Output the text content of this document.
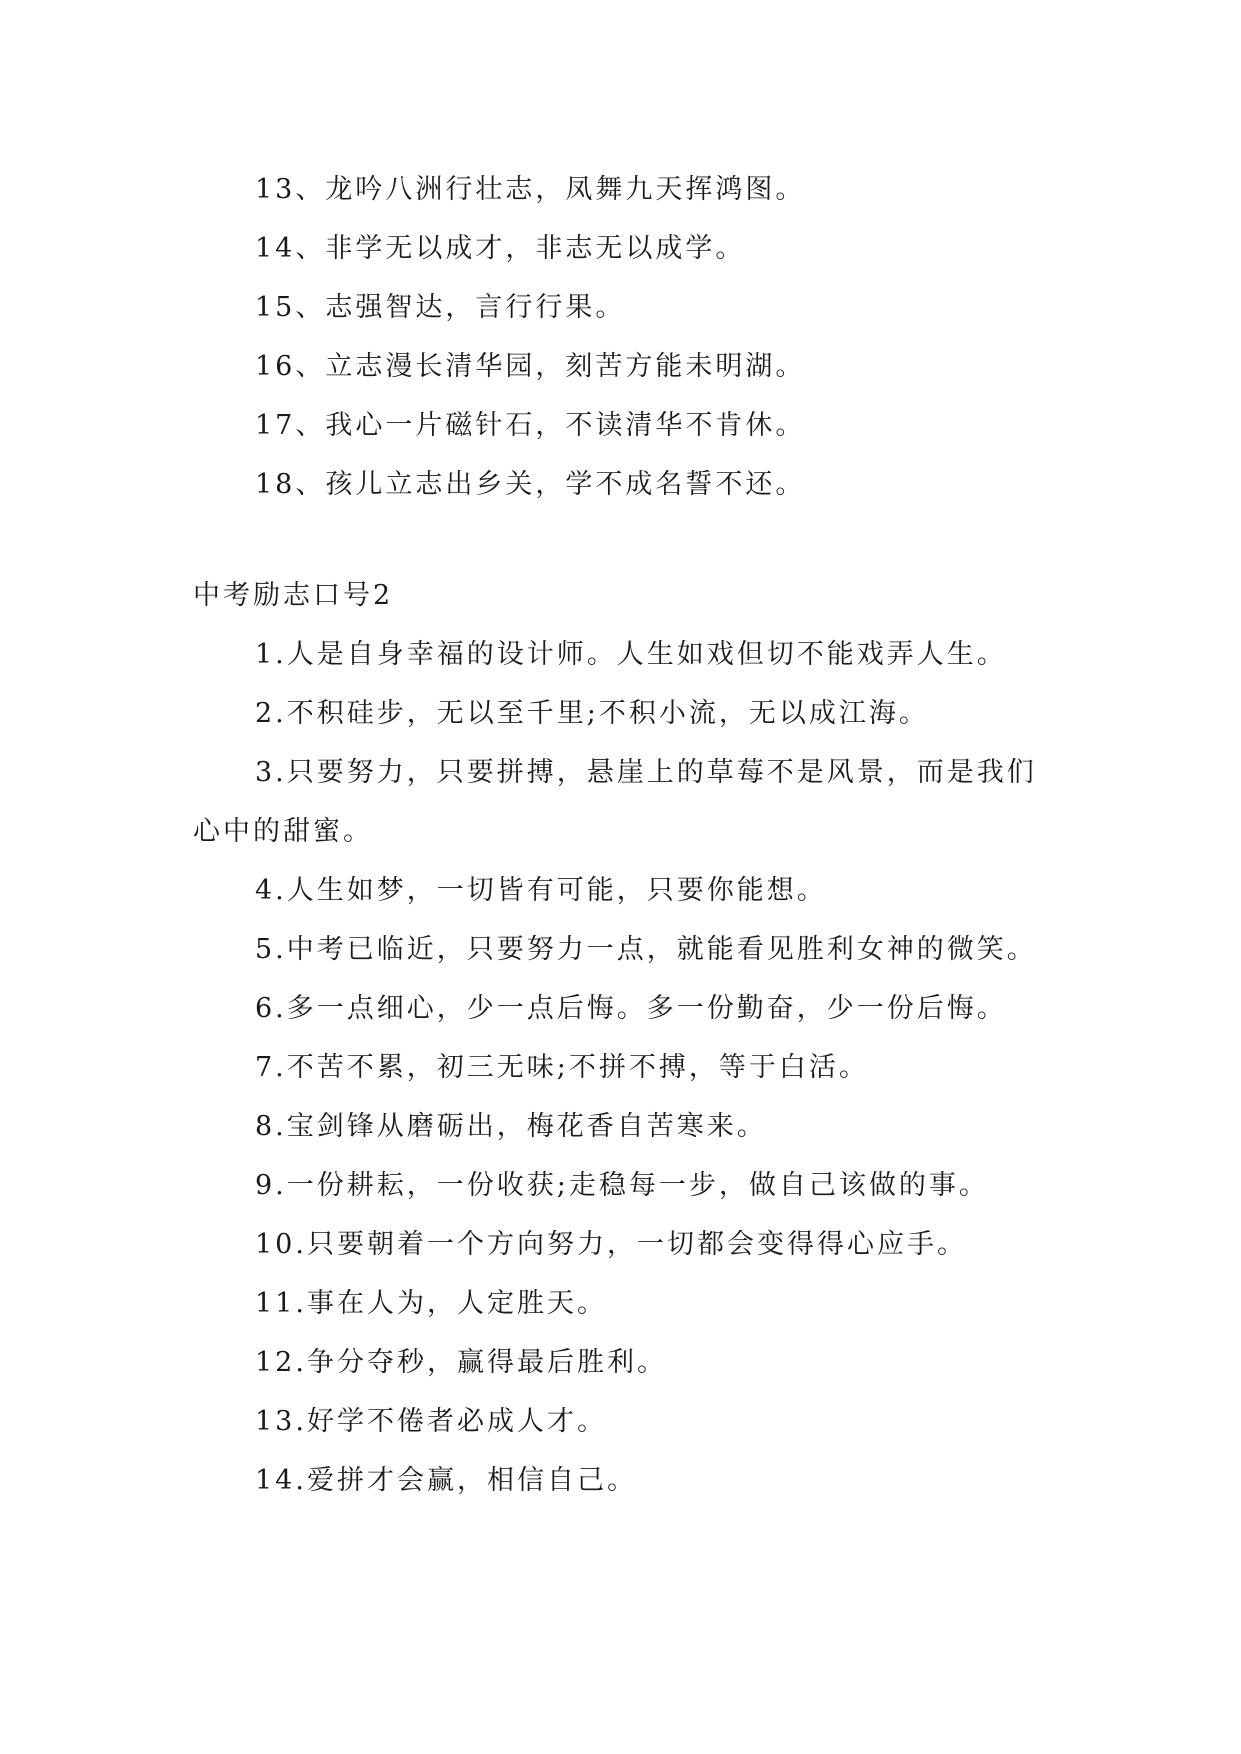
13、龙吟八洲行壮志，凤舞九天挥鸿图。

14、非学无以成才，非志无以成学。

15、志强智达，言行行果。

16、立志漫长清华园，刻苦方能未明湖。

17、我心一片磁针石，不读清华不肯休。

18、孩儿立志出乡关，学不成名誓不还。

中考励志口号2

1.人是自身幸福的设计师。人生如戏但切不能戏弄人生。

2.不积硅步，无以至千里;不积小流，无以成江海。

3.只要努力，只要拼搏，悬崖上的草莓不是风景，而是我们心中的甜蜜。

4.人生如梦，一切皆有可能，只要你能想。

5.中考已临近，只要努力一点，就能看见胜利女神的微笑。

6.多一点细心，少一点后悔。多一份勤奋，少一份后悔。

7.不苦不累，初三无味;不拼不搏，等于白活。

8.宝剑锋从磨砺出，梅花香自苦寒来。

9.一份耕耘，一份收获;走稳每一步，做自己该做的事。

10.只要朝着一个方向努力，一切都会变得得心应手。

11.事在人为，人定胜天。

12.争分夺秒，赢得最后胜利。

13.好学不倦者必成人才。

14.爱拼才会赢，相信自己。
